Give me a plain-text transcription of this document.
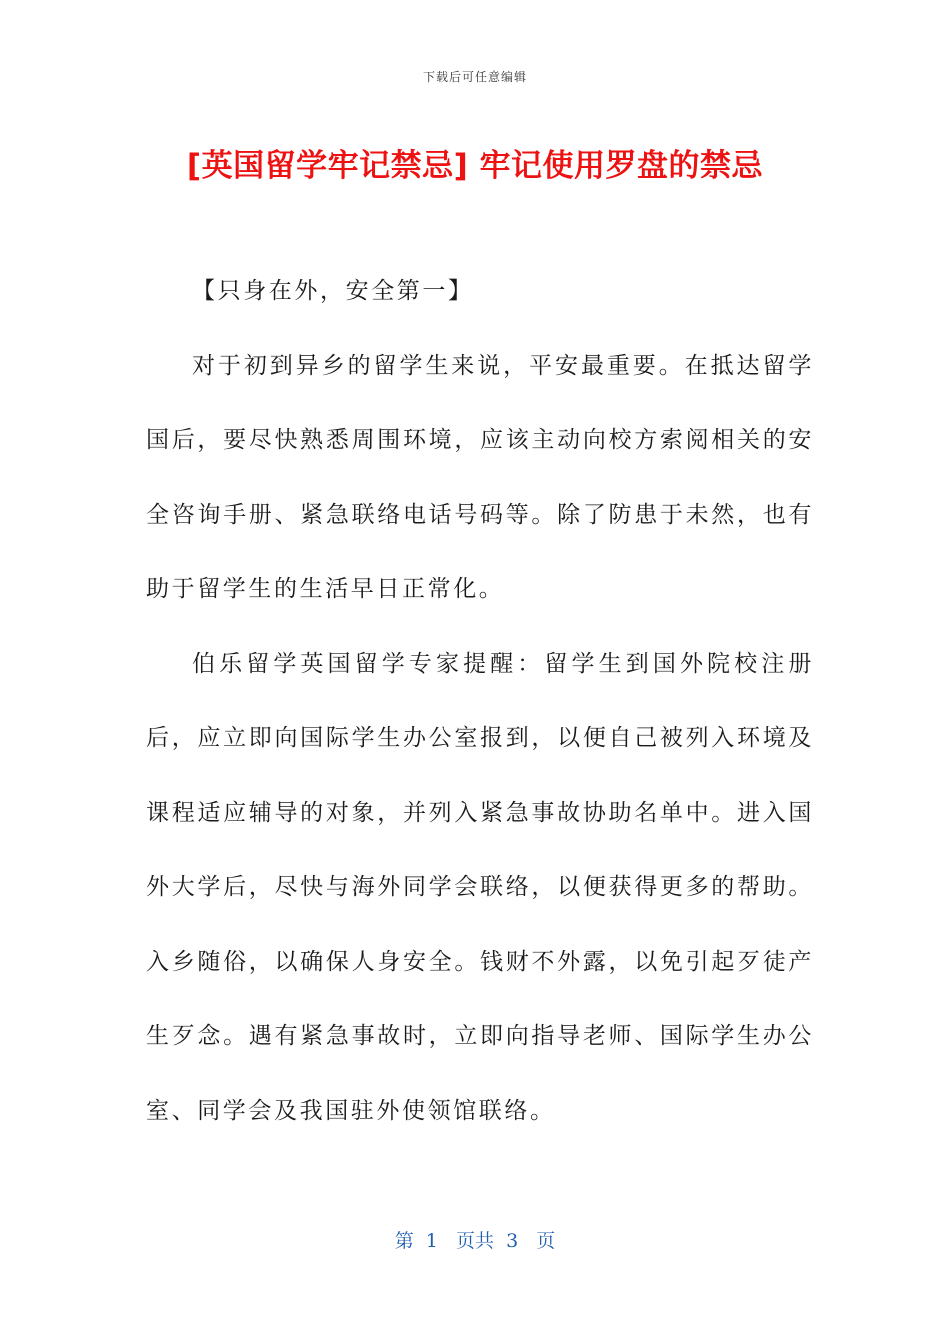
下载后可任意编辑
[英国留学牢记禁忌] 牢记使用罗盘的禁忌

【只身在外，安全第一】

对于初到异乡的留学生来说，平安最重要。在抵达留学国后，要尽快熟悉周围环境，应该主动向校方索阅相关的安全咨询手册、紧急联络电话号码等。除了防患于未然，也有助于留学生的生活早日正常化。

伯乐留学英国留学专家提醒：留学生到国外院校注册后，应立即向国际学生办公室报到，以便自己被列入环境及课程适应辅导的对象，并列入紧急事故协助名单中。进入国外大学后，尽快与海外同学会联络，以便获得更多的帮助。入乡随俗，以确保人身安全。钱财不外露，以免引起歹徒产生歹念。遇有紧急事故时，立即向指导老师、国际学生办公室、同学会及我国驻外使领馆联络。

第  1   页共  3   页
